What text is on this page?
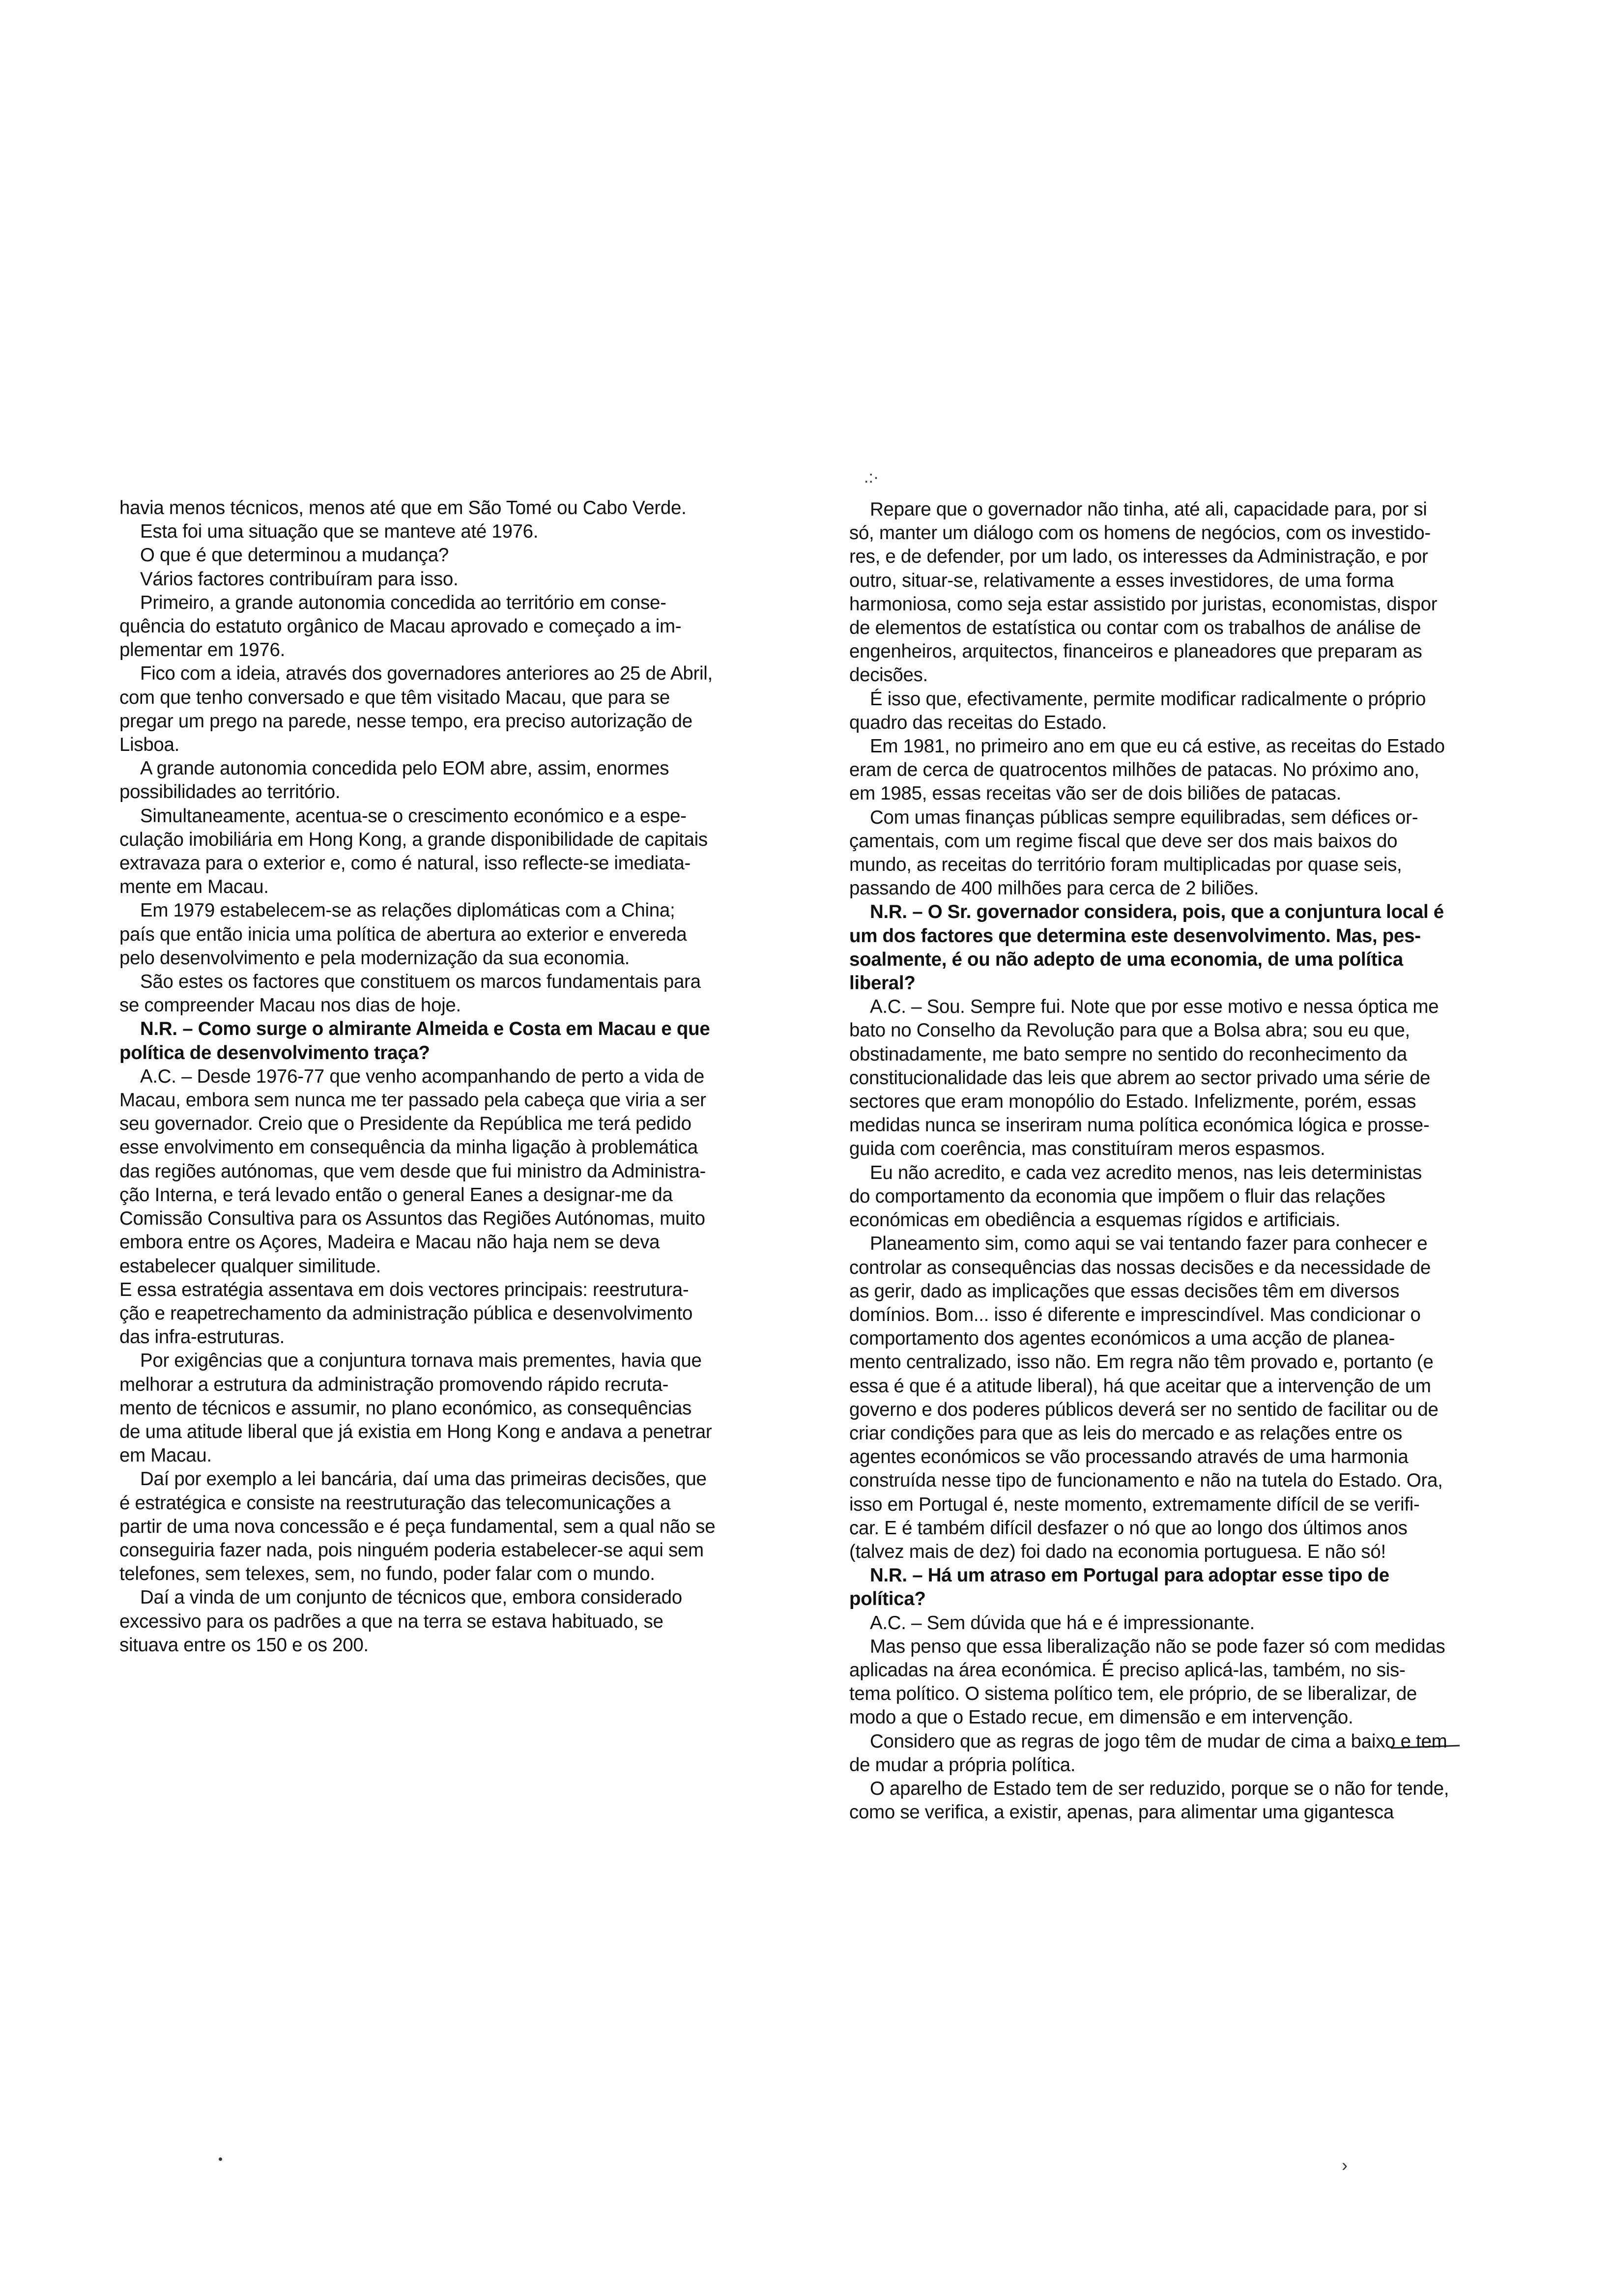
.:·
›
havia menos técnicos, menos até que em São Tomé ou Cabo Verde.
Esta foi uma situação que se manteve até 1976.
O que é que determinou a mudança?
Vários factores contribuíram para isso.
Primeiro, a grande autonomia concedida ao território em conse-
quência do estatuto orgânico de Macau aprovado e começado a im-
plementar em 1976.
Fico com a ideia, através dos governadores anteriores ao 25 de Abril,
com que tenho conversado e que têm visitado Macau, que para se
pregar um prego na parede, nesse tempo, era preciso autorização de
Lisboa.
A grande autonomia concedida pelo EOM abre, assim, enormes
possibilidades ao território.
Simultaneamente, acentua-se o crescimento económico e a espe-
culação imobiliária em Hong Kong, a grande disponibilidade de capitais
extravaza para o exterior e, como é natural, isso reflecte-se imediata-
mente em Macau.
Em 1979 estabelecem-se as relações diplomáticas com a China;
país que então inicia uma política de abertura ao exterior e enveredа
pelo desenvolvimento e pela modernização da sua economia.
São estes os factores que constituem os marcos fundamentais para
se compreender Macau nos dias de hoje.
N.R. – Como surge o almirante Almeida e Costa em Macau e que
política de desenvolvimento traça?
A.C. – Desde 1976-77 que venho acompanhando de perto a vida de
Macau, embora sem nunca me ter passado pela cabeça que viria a ser
seu governador. Creio que o Presidente da República me terá pedido
esse envolvimento em consequência da minha ligação à problemática
das regiões autónomas, que vem desde que fui ministro da Administra-
ção Interna, e terá levado então o general Eanes a designar-me da
Comissão Consultiva para os Assuntos das Regiões Autónomas, muito
embora entre os Açores, Madeira e Macau não haja nem se deva
estabelecer qualquer similitude.
E essa estratégia assentava em dois vectores principais: reestrutura-
ção e reapetrechamento da administração pública e desenvolvimento
das infra-estruturas.
Por exigências que a conjuntura tornava mais prementes, havia que
melhorar a estrutura da administração promovendo rápido recruta-
mento de técnicos e assumir, no plano económico, as consequências
de uma atitude liberal que já existia em Hong Kong e andava a penetrar
em Macau.
Daí por exemplo a lei bancária, daí uma das primeiras decisões, que
é estratégica e consiste na reestruturação das telecomunicações a
partir de uma nova concessão e é peça fundamental, sem a qual não se
conseguiria fazer nada, pois ninguém poderia estabelecer-se aqui sem
telefones, sem telexes, sem, no fundo, poder falar com o mundo.
Daí a vinda de um conjunto de técnicos que, embora considerado
excessivo para os padrões a que na terra se estava habituado, se
situava entre os 150 e os 200.
Repare que o governador não tinha, até ali, capacidade para, por si
só, manter um diálogo com os homens de negócios, com os investido-
res, e de defender, por um lado, os interesses da Administração, e por
outro, situar-se, relativamente a esses investidores, de uma forma
harmoniosa, como seja estar assistido por juristas, economistas, dispor
de elementos de estatística ou contar com os trabalhos de análise de
engenheiros, arquitectos, financeiros e planeadores que preparam as
decisões.
É isso que, efectivamente, permite modificar radicalmente o próprio
quadro das receitas do Estado.
Em 1981, no primeiro ano em que eu cá estive, as receitas do Estado
eram de cerca de quatrocentos milhões de patacas. No próximo ano,
em 1985, essas receitas vão ser de dois biliões de patacas.
Com umas finanças públicas sempre equilibradas, sem défices or-
çamentais, com um regime fiscal que deve ser dos mais baixos do
mundo, as receitas do território foram multiplicadas por quase seis,
passando de 400 milhões para cerca de 2 biliões.
N.R. – O Sr. governador considera, pois, que a conjuntura local é
um dos factores que determina este desenvolvimento. Mas, pes-
soalmente, é ou não adepto de uma economia, de uma política
liberal?
A.C. – Sou. Sempre fui. Note que por esse motivo e nessa óptica me
bato no Conselho da Revolução para que a Bolsa abra; sou eu que,
obstinadamente, me bato sempre no sentido do reconhecimento da
constitucionalidade das leis que abrem ao sector privado uma série de
sectores que eram monopólio do Estado. Infelizmente, porém, essas
medidas nunca se inseriram numa política económica lógica e prosse-
guida com coerência, mas constituíram meros espasmos.
Eu não acredito, e cada vez acredito menos, nas leis deterministas
do comportamento da economia que impõem o fluir das relações
económicas em obediência a esquemas rígidos e artificiais.
Planeamento sim, como aqui se vai tentando fazer para conhecer e
controlar as consequências das nossas decisões e da necessidade de
as gerir, dado as implicações que essas decisões têm em diversos
domínios. Bom... isso é diferente e imprescindível. Mas condicionar o
comportamento dos agentes económicos a uma acção de planea-
mento centralizado, isso não. Em regra não têm provado e, portanto (e
essa é que é a atitude liberal), há que aceitar que a intervenção de um
governo e dos poderes públicos deverá ser no sentido de facilitar ou de
criar condições para que as leis do mercado e as relações entre os
agentes económicos se vão processando através de uma harmonia
construída nesse tipo de funcionamento e não na tutela do Estado. Ora,
isso em Portugal é, neste momento, extremamente difícil de se verifi-
car. E é também difícil desfazer o nó que ao longo dos últimos anos
(talvez mais de dez) foi dado na economia portuguesa. E não só!
N.R. – Há um atraso em Portugal para adoptar esse tipo de
política?
A.C. – Sem dúvida que há e é impressionante.
Mas penso que essa liberalização não se pode fazer só com medidas
aplicadas na área económica. É preciso aplicá-las, também, no sis-
tema político. O sistema político tem, ele próprio, de se liberalizar, de
modo a que o Estado recue, em dimensão e em intervenção.
Considero que as regras de jogo têm de mudar de cima a baixo e tem
de mudar a própria política.
O aparelho de Estado tem de ser reduzido, porque se o não for tende,
como se verifica, a existir, apenas, para alimentar uma gigantesca
